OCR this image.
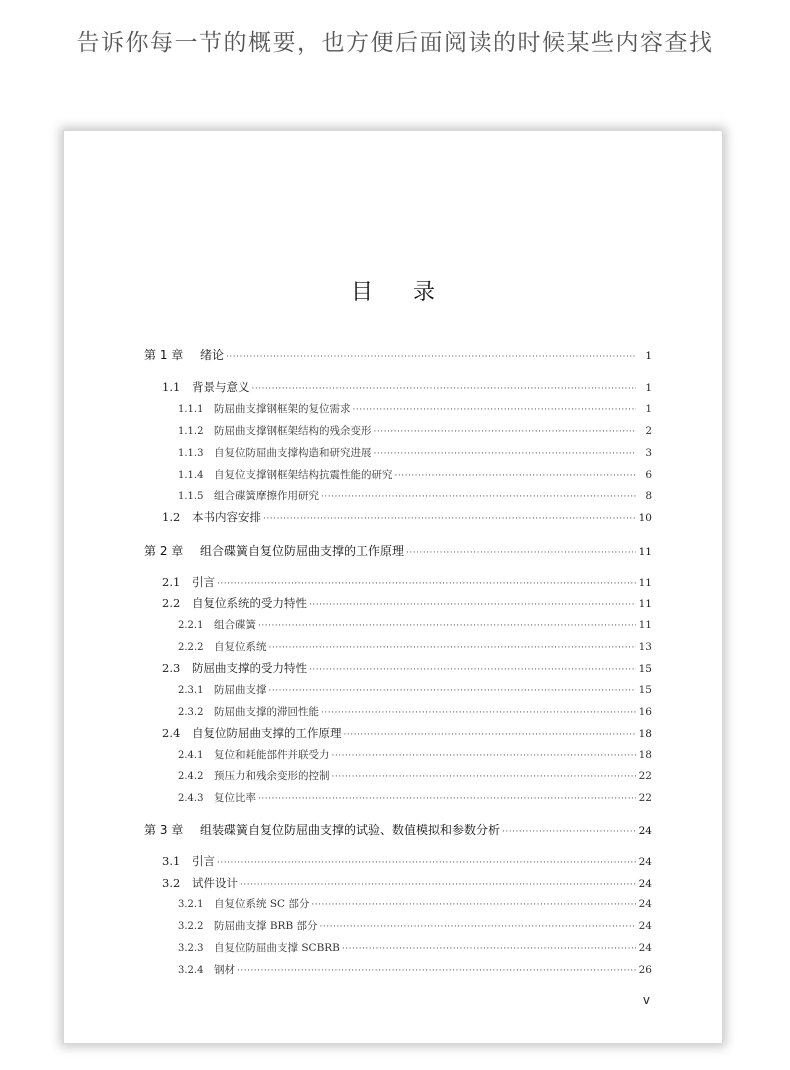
告诉你每一节的概要，也方便后面阅读的时候某些内容查找
目录
第 1 章	绪论 ·····	1
1.1	背景与意义 ·····	1
1.1.1	防屈曲支撑钢框架的复位需求 ·····	1
1.1.2	防屈曲支撑钢框架结构的残余变形 ·····	2
1.1.3	自复位防屈曲支撑构造和研究进展 ·····	3
1.1.4	自复位支撑钢框架结构抗震性能的研究 ·····	6
1.1.5	组合碟簧摩擦作用研究 ·····	8
1.2	本书内容安排 ·····	10
第 2 章	组合碟簧自复位防屈曲支撑的工作原理 ·····	11
2.1	引言 ·····	11
2.2	自复位系统的受力特性 ·····	11
2.2.1	组合碟簧 ·····	11
2.2.2	自复位系统 ·····	13
2.3	防屈曲支撑的受力特性 ·····	15
2.3.1	防屈曲支撑 ·····	15
2.3.2	防屈曲支撑的滞回性能 ·····	16
2.4	自复位防屈曲支撑的工作原理 ·····	18
2.4.1	复位和耗能部件并联受力 ·····	18
2.4.2	预压力和残余变形的控制 ·····	22
2.4.3	复位比率 ·····	22
第 3 章	组装碟簧自复位防屈曲支撑的试验、数值模拟和参数分析 ·····	24
3.1	引言 ·····	24
3.2	试件设计 ·····	24
3.2.1	自复位系统 SC 部分 ·····	24
3.2.2	防屈曲支撑 BRB 部分 ·····	24
3.2.3	自复位防屈曲支撑 SCBRB ·····	24
3.2.4	钢材 ·····	26
v
